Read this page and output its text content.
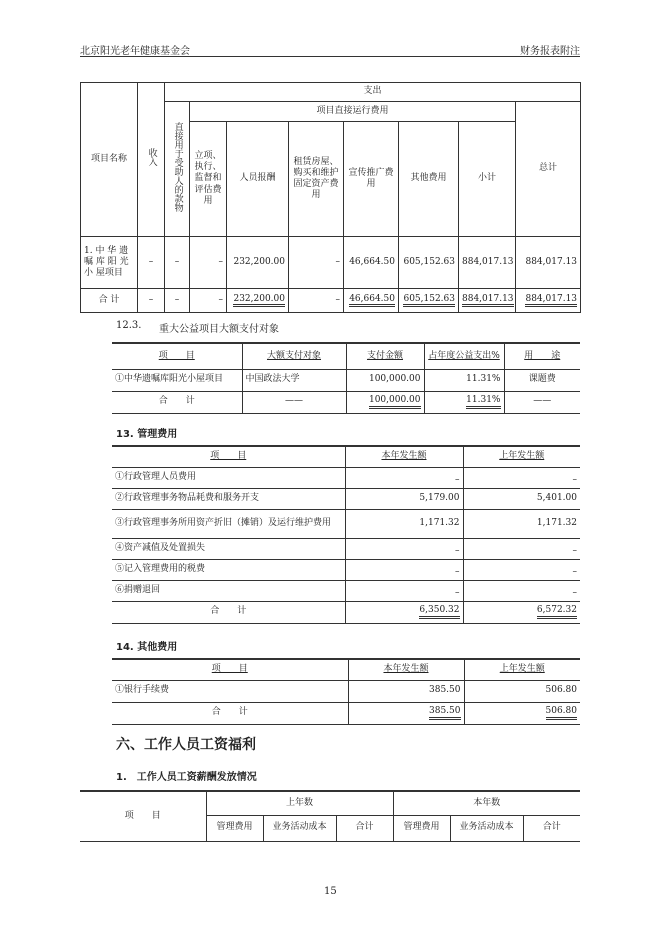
北京阳光老年健康基金会	财务报表附注
项目名称	收入	支出							
		直接用于受助人的款物	项目直接运行费用						总计
			立项、执行、监督和评估费用	人员报酬	租赁房屋、购买和维护固定资产费用	宣传推广费用	其他费用	小计	
1. 中 华 遗 嘱 库 阳 光 小 屋项目	–	–	–	232,200.00	–	46,664.50	605,152.63	884,017.13	884,017.13
合 计	–	–	–	232,200.00	–	46,664.50	605,152.63	884,017.13	884,017.13
12.3. 重大公益项目大额支付对象
项　　目	大额支付对象	支付金额	占年度公益支出%	用　　途
①中华遗嘱库阳光小屋项目	中国政法大学	100,000.00	11.31%	课题费
合　　计	——	100,000.00	11.31%	——
13. 管理费用
项　　目	本年发生额	上年发生额
①行政管理人员费用	–	–
②行政管理事务物品耗费和服务开支	5,179.00	5,401.00
③行政管理事务所用资产折旧（摊销）及运行维护费用	1,171.32	1,171.32
④资产减值及处置损失	–	–
⑤记入管理费用的税费	–	–
⑥捐赠退回	–	–
合　　计	6,350.32	6,572.32
14. 其他费用
项　　目	本年发生额	上年发生额
①银行手续费	385.50	506.80
合　　计	385.50	506.80
六、工作人员工资福利
1.　工作人员工资薪酬发放情况
项　　目	上年数			本年数		
	管理费用	业务活动成本	合计	管理费用	业务活动成本	合计
15
